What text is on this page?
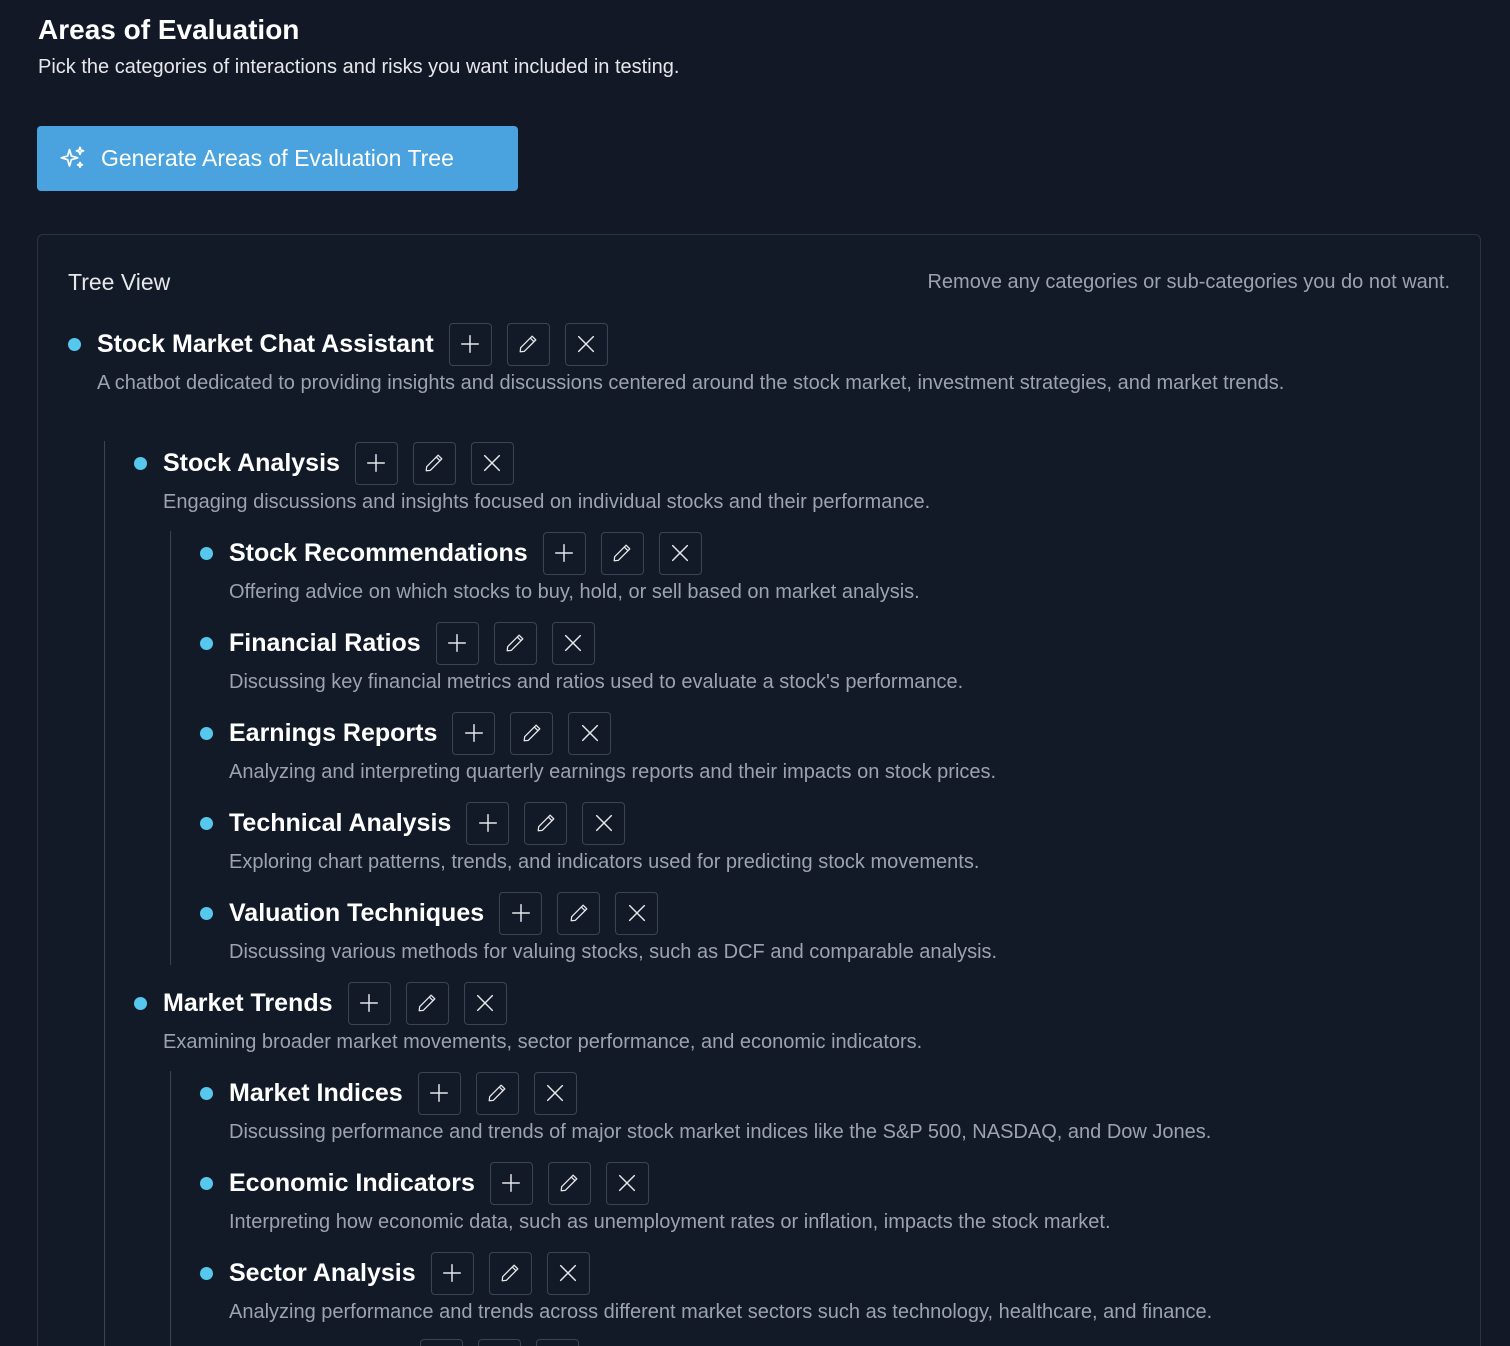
Areas of Evaluation

Pick the categories of interactions and risks you want included in testing.

Generate Areas of Evaluation Tree
Tree View	Remove any categories or sub-categories you do not want.
Stock Market Chat Assistant
A chatbot dedicated to providing insights and discussions centered around the stock market, investment strategies, and market trends.
Stock Analysis
Engaging discussions and insights focused on individual stocks and their performance.
Stock Recommendations
Offering advice on which stocks to buy, hold, or sell based on market analysis.
Financial Ratios
Discussing key financial metrics and ratios used to evaluate a stock's performance.
Earnings Reports
Analyzing and interpreting quarterly earnings reports and their impacts on stock prices.
Technical Analysis
Exploring chart patterns, trends, and indicators used for predicting stock movements.
Valuation Techniques
Discussing various methods for valuing stocks, such as DCF and comparable analysis.
Market Trends
Examining broader market movements, sector performance, and economic indicators.
Market Indices
Discussing performance and trends of major stock market indices like the S&P 500, NASDAQ, and Dow Jones.
Economic Indicators
Interpreting how economic data, such as unemployment rates or inflation, impacts the stock market.
Sector Analysis
Analyzing performance and trends across different market sectors such as technology, healthcare, and finance.
